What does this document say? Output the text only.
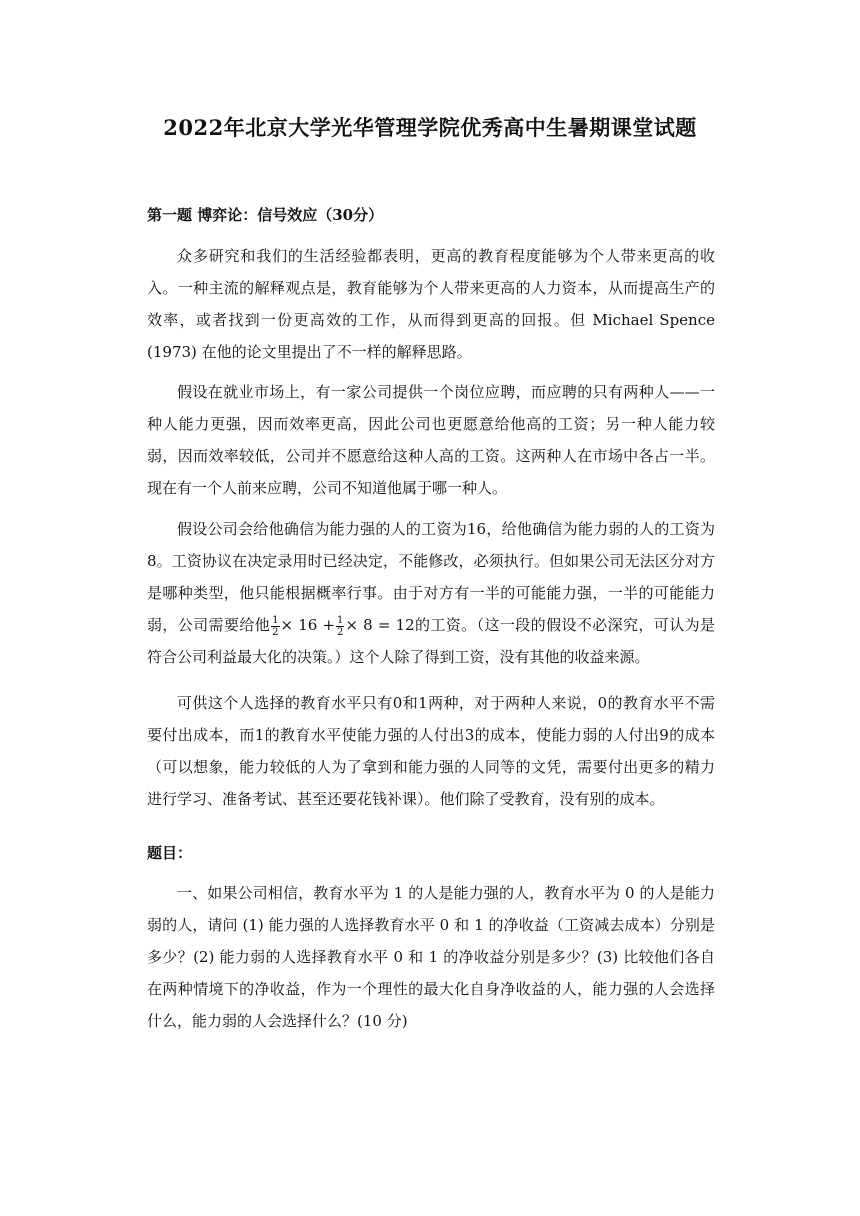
2022年北京大学光华管理学院优秀高中生暑期课堂试题
第一题 博弈论：信号效应（30分）

众多研究和我们的生活经验都表明，更高的教育程度能够为个人带来更高的收入。一种主流的解释观点是，教育能够为个人带来更高的人力资本，从而提高生产的效率，或者找到一份更高效的工作，从而得到更高的回报。但 Michael Spence (1973) 在他的论文里提出了不一样的解释思路。

假设在就业市场上，有一家公司提供一个岗位应聘，而应聘的只有两种人——一种人能力更强，因而效率更高，因此公司也更愿意给他高的工资；另一种人能力较弱，因而效率较低，公司并不愿意给这种人高的工资。这两种人在市场中各占一半。现在有一个人前来应聘，公司不知道他属于哪一种人。

假设公司会给他确信为能力强的人的工资为16，给他确信为能力弱的人的工资为8。工资协议在决定录用时已经决定，不能修改，必须执行。但如果公司无法区分对方是哪种类型，他只能根据概率行事。由于对方有一半的可能能力强，一半的可能能力弱，公司需要给他 $\frac{1}{2} \times 16 + \frac{1}{2} \times 8 = 12$的工资。（这一段的假设不必深究，可认为是符合公司利益最大化的决策。）这个人除了得到工资，没有其他的收益来源。

可供这个人选择的教育水平只有0和1两种，对于两种人来说，0的教育水平不需要付出成本，而1的教育水平使能力强的人付出3的成本，使能力弱的人付出9的成本（可以想象，能力较低的人为了拿到和能力强的人同等的文凭，需要付出更多的精力进行学习、准备考试、甚至还要花钱补课）。他们除了受教育，没有别的成本。

题目：

一、如果公司相信，教育水平为 1 的人是能力强的人，教育水平为 0 的人是能力弱的人，请问 (1) 能力强的人选择教育水平 0 和 1 的净收益（工资减去成本）分别是多少？(2) 能力弱的人选择教育水平 0 和 1 的净收益分别是多少？(3) 比较他们各自在两种情境下的净收益，作为一个理性的最大化自身净收益的人，能力强的人会选择什么，能力弱的人会选择什么？(10 分)
